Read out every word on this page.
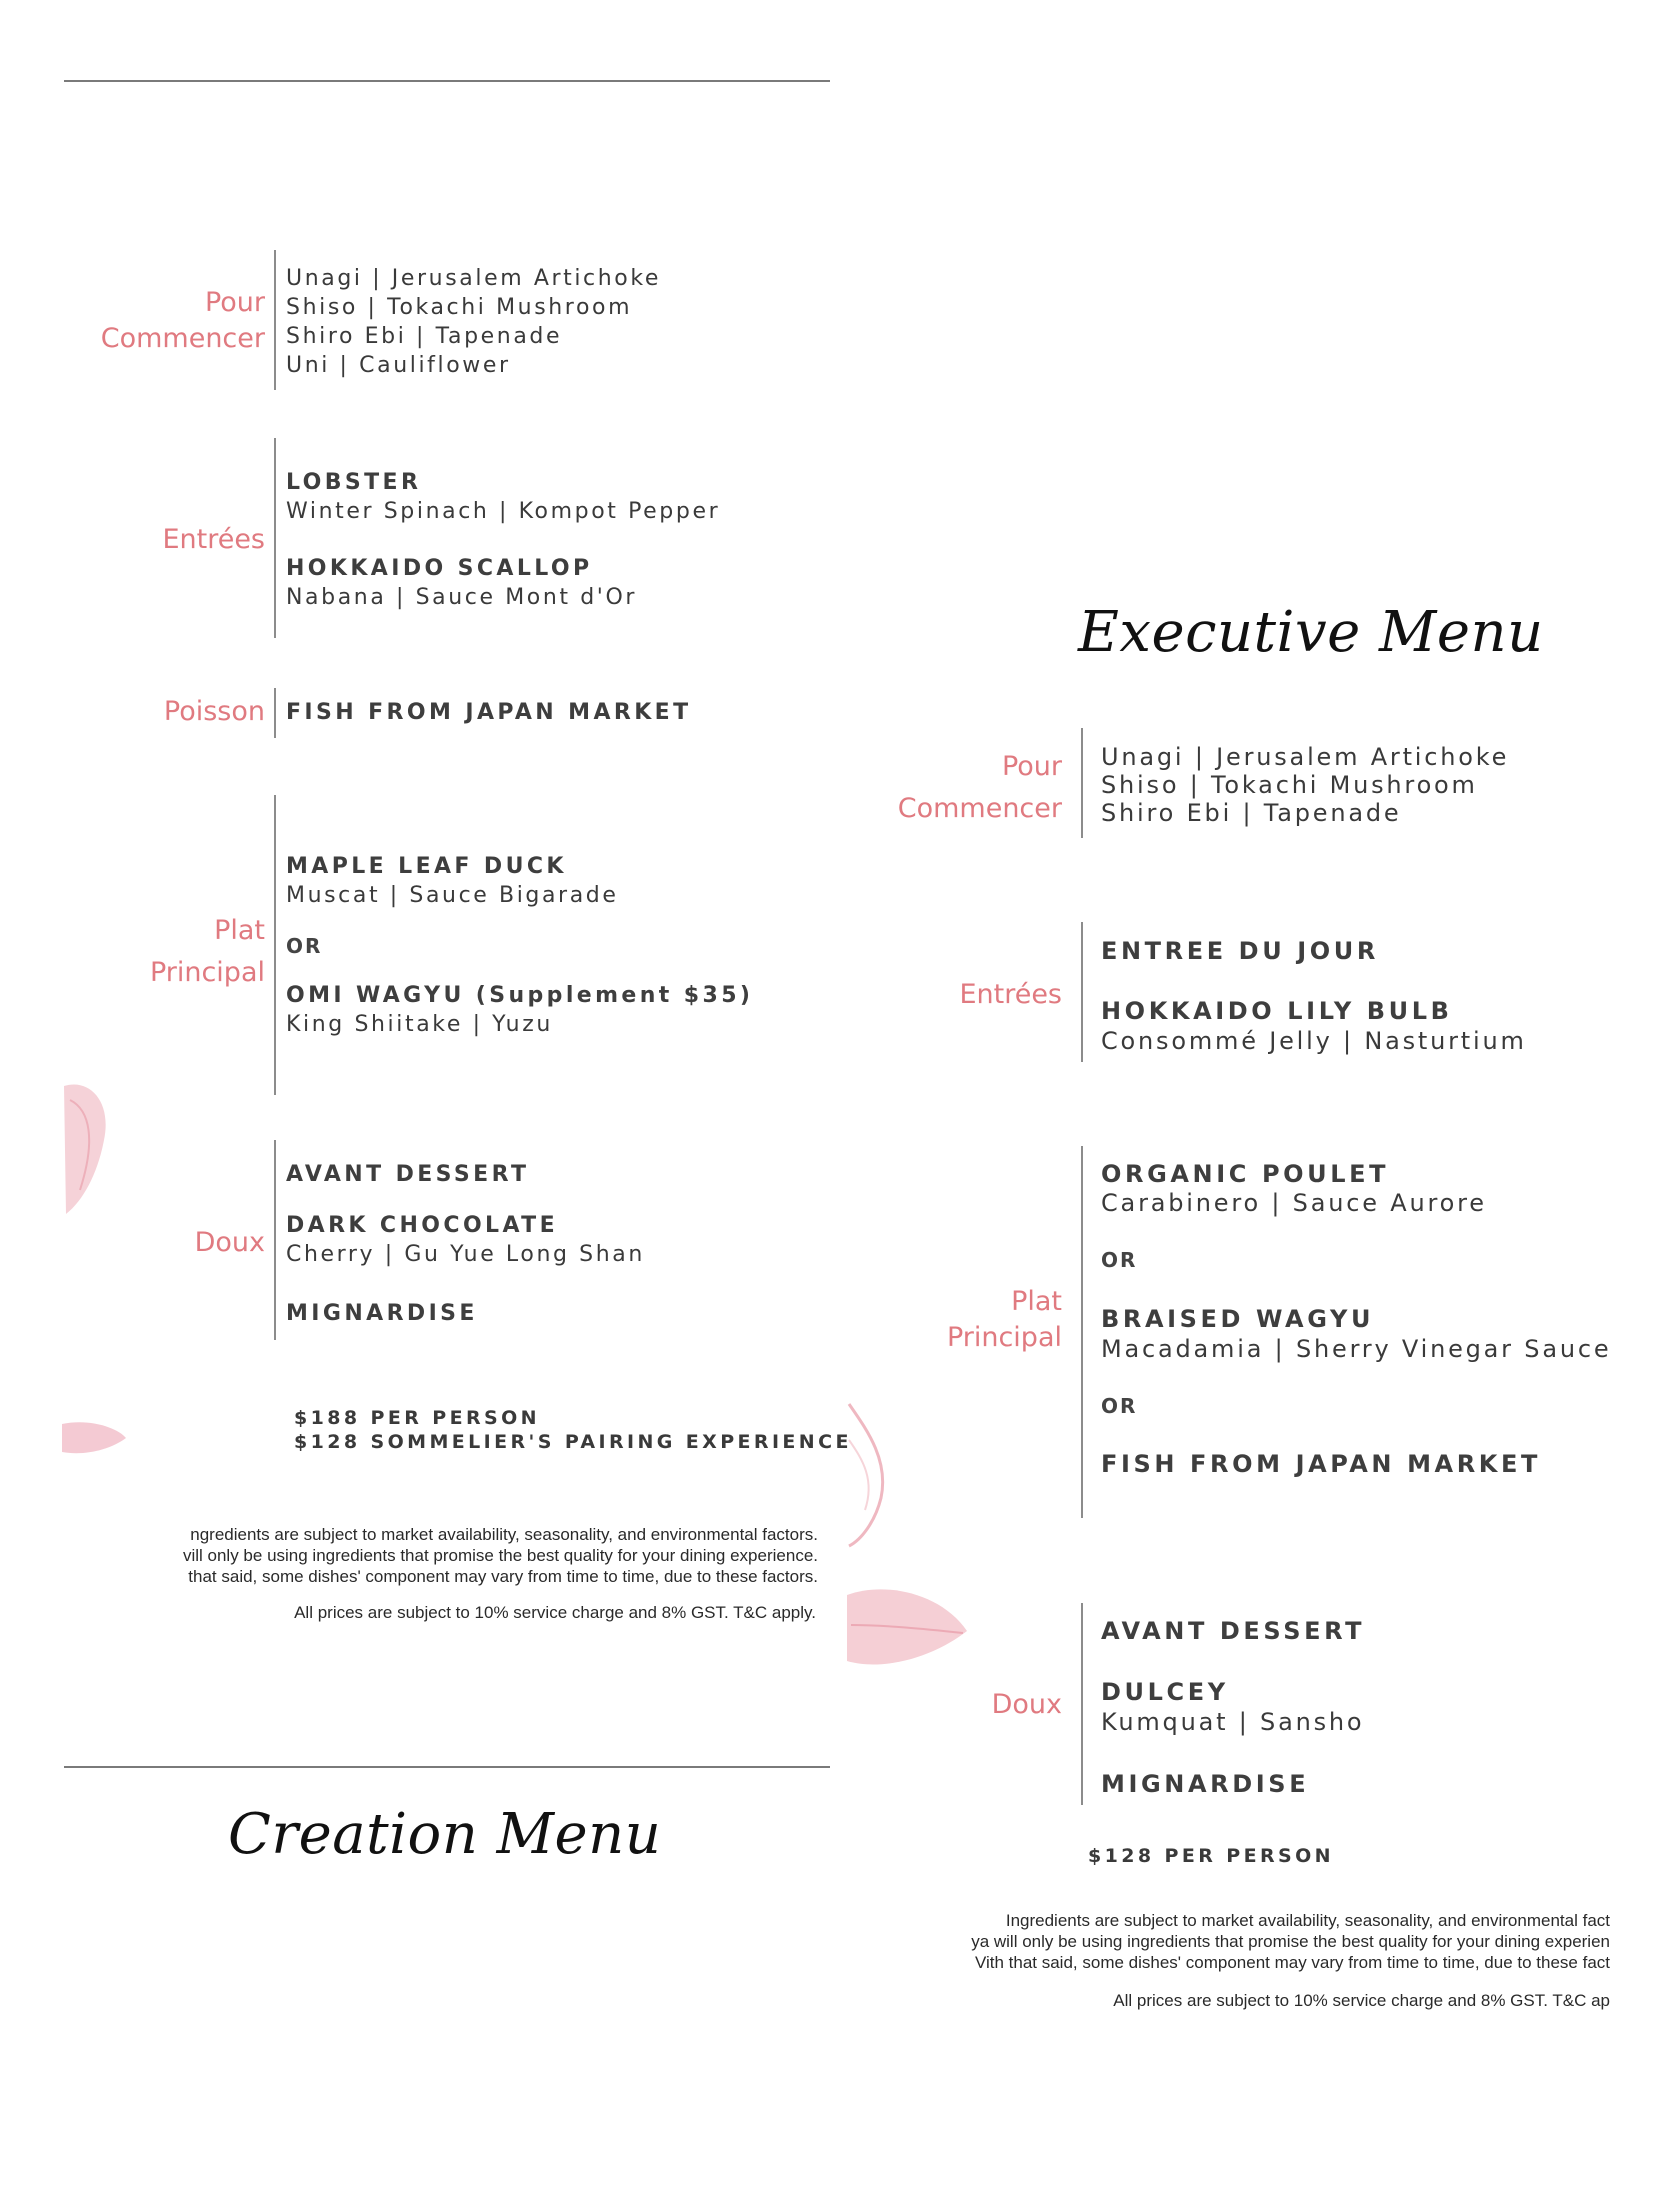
Pour
Commencer
Unagi | Jerusalem Artichoke
Shiso | Tokachi Mushroom
Shiro Ebi | Tapenade
Uni | Cauliflower
Entrées
LOBSTER
Winter Spinach | Kompot Pepper
HOKKAIDO SCALLOP
Nabana | Sauce Mont d'Or
Poisson FISH FROM JAPAN MARKET
Plat
Principal
MAPLE LEAF DUCK
Muscat | Sauce Bigarade
OR
OMI WAGYU (Supplement $35)
King Shiitake | Yuzu
Doux
AVANT DESSERT
DARK CHOCOLATE
Cherry | Gu Yue Long Shan
MIGNARDISE
$188 PER PERSON
$128 SOMMELIER'S PAIRING EXPERIENCE
ngredients are subject to market availability, seasonality, and environmental factors.
vill only be using ingredients that promise the best quality for your dining experience.
that said, some dishes' component may vary from time to time, due to these factors.
All prices are subject to 10% service charge and 8% GST. T&C apply.
Creation Menu
Executive Menu
Pour
Commencer
Unagi | Jerusalem Artichoke
Shiso | Tokachi Mushroom
Shiro Ebi | Tapenade
Entrées
ENTREE DU JOUR
HOKKAIDO LILY BULB
Consommé Jelly | Nasturtium
Plat
Principal
ORGANIC POULET
Carabinero | Sauce Aurore
OR
BRAISED WAGYU
Macadamia | Sherry Vinegar Sauce
OR
FISH FROM JAPAN MARKET
Doux
AVANT DESSERT
DULCEY
Kumquat | Sansho
MIGNARDISE
$128 PER PERSON
Ingredients are subject to market availability, seasonality, and environmental fact
ya will only be using ingredients that promise the best quality for your dining experien
Vith that said, some dishes' component may vary from time to time, due to these fact
All prices are subject to 10% service charge and 8% GST. T&C ap
